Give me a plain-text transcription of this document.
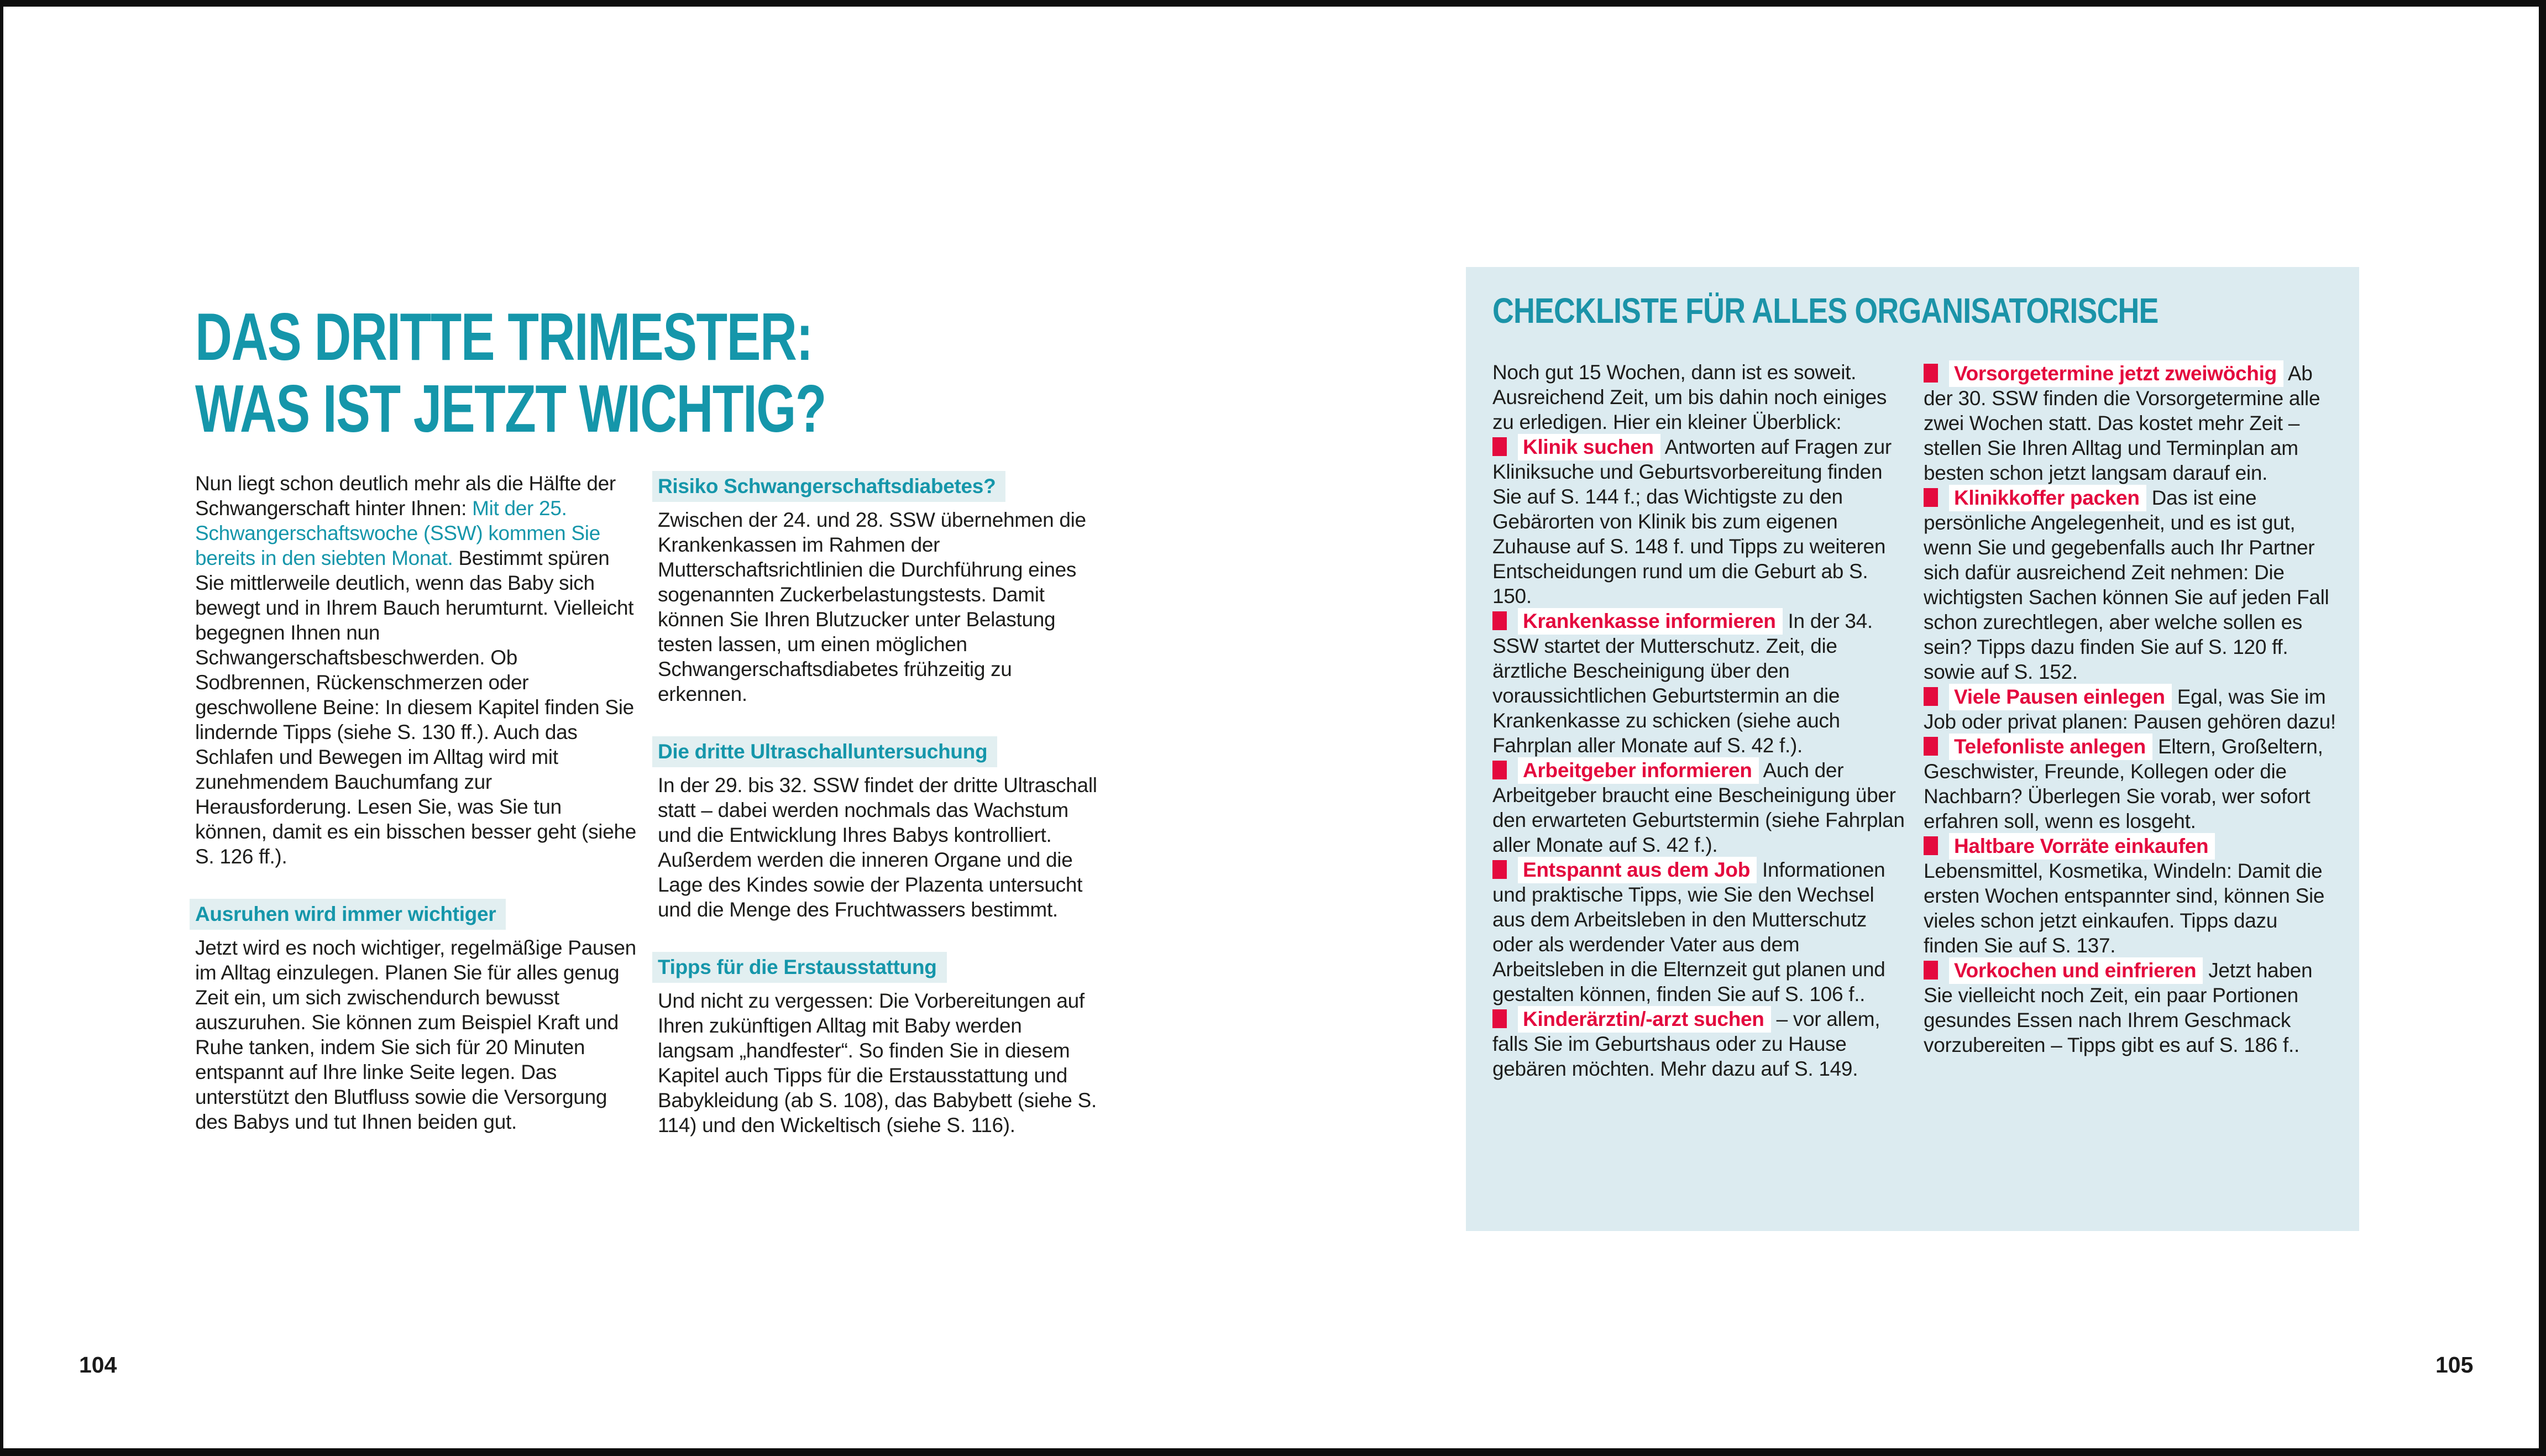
DAS DRITTE TRIMESTER:
WAS IST JETZT WICHTIG?

Nun liegt schon deutlich mehr als die Hälfte der Schwangerschaft hinter Ihnen: Mit der 25. Schwangerschaftswoche (SSW) kommen Sie bereits in den siebten Monat. Bestimmt spüren Sie mittlerweile deutlich, wenn das Baby sich bewegt und in Ihrem Bauch herumturnt. Vielleicht begegnen Ihnen nun Schwangerschaftsbeschwerden. Ob Sodbrennen, Rückenschmerzen oder geschwollene Beine: In diesem Kapitel finden Sie lindernde Tipps (siehe S. 130 ff.). Auch das Schlafen und Bewegen im Alltag wird mit zunehmendem Bauchumfang zur Herausforderung. Lesen Sie, was Sie tun können, damit es ein bisschen besser geht (siehe S. 126 ff.).

Ausruhen wird immer wichtiger

Jetzt wird es noch wichtiger, regelmäßige Pausen im Alltag einzulegen. Planen Sie für alles genug Zeit ein, um sich zwischendurch bewusst auszuruhen. Sie können zum Beispiel Kraft und Ruhe tanken, indem Sie sich für 20 Minuten entspannt auf Ihre linke Seite legen. Das unterstützt den Blutfluss sowie die Versorgung des Babys und tut Ihnen beiden gut.

Risiko Schwangerschaftsdiabetes?

Zwischen der 24. und 28. SSW übernehmen die Krankenkassen im Rahmen der Mutterschaftsrichtlinien die Durchführung eines sogenannten Zuckerbelastungstests. Damit können Sie Ihren Blutzucker unter Belastung testen lassen, um einen möglichen Schwangerschaftsdiabetes frühzeitig zu erkennen.

Die dritte Ultraschalluntersuchung

In der 29. bis 32. SSW findet der dritte Ultraschall statt – dabei werden nochmals das Wachstum und die Entwicklung Ihres Babys kontrolliert. Außerdem werden die inneren Organe und die Lage des Kindes sowie der Plazenta untersucht und die Menge des Fruchtwassers bestimmt.

Tipps für die Erstausstattung

Und nicht zu vergessen: Die Vorbereitungen auf Ihren zukünftigen Alltag mit Baby werden langsam „handfester“. So finden Sie in diesem Kapitel auch Tipps für die Erstausstattung und Babykleidung (ab S. 108), das Babybett (siehe S. 114) und den Wickeltisch (siehe S. 116).

104
CHECKLISTE FÜR ALLES ORGANISATORISCHE

Noch gut 15 Wochen, dann ist es soweit. Ausreichend Zeit, um bis dahin noch einiges zu erledigen. Hier ein kleiner Überblick:

Klinik suchen Antworten auf Fragen zur Kliniksuche und Geburtsvorbereitung finden Sie auf S. 144 f.; das Wichtigste zu den Gebärorten von Klinik bis zum eigenen Zuhause auf S. 148 f. und Tipps zu weiteren Entscheidungen rund um die Geburt ab S. 150.

Krankenkasse informieren In der 34. SSW startet der Mutterschutz. Zeit, die ärztliche Bescheinigung über den voraussichtlichen Geburtstermin an die Krankenkasse zu schicken (siehe auch Fahrplan aller Monate auf S. 42 f.).

Arbeitgeber informieren Auch der Arbeitgeber braucht eine Bescheinigung über den erwarteten Geburtstermin (siehe Fahrplan aller Monate auf S. 42 f.).

Entspannt aus dem Job Informationen und praktische Tipps, wie Sie den Wechsel aus dem Arbeitsleben in den Mutterschutz oder als werdender Vater aus dem Arbeitsleben in die Elternzeit gut planen und gestalten können, finden Sie auf S. 106 f..

Kinderärztin/-arzt suchen – vor allem, falls Sie im Geburtshaus oder zu Hause gebären möchten. Mehr dazu auf S. 149.

Vorsorgetermine jetzt zweiwöchig Ab der 30. SSW finden die Vorsorgetermine alle zwei Wochen statt. Das kostet mehr Zeit – stellen Sie Ihren Alltag und Terminplan am besten schon jetzt langsam darauf ein.

Klinikkoffer packen Das ist eine persönliche Angelegenheit, und es ist gut, wenn Sie und gegebenfalls auch Ihr Partner sich dafür ausreichend Zeit nehmen: Die wichtigsten Sachen können Sie auf jeden Fall schon zurechtlegen, aber welche sollen es sein? Tipps dazu finden Sie auf S. 120 ff. sowie auf S. 152.

Viele Pausen einlegen Egal, was Sie im Job oder privat planen: Pausen gehören dazu!

Telefonliste anlegen Eltern, Großeltern, Geschwister, Freunde, Kollegen oder die Nachbarn? Überlegen Sie vorab, wer sofort erfahren soll, wenn es losgeht.

Haltbare Vorräte einkaufen Lebensmittel, Kosmetika, Windeln: Damit die ersten Wochen entspannter sind, können Sie vieles schon jetzt einkaufen. Tipps dazu finden Sie auf S. 137.

Vorkochen und einfrieren Jetzt haben Sie vielleicht noch Zeit, ein paar Portionen gesundes Essen nach Ihrem Geschmack vorzubereiten – Tipps gibt es auf S. 186 f..

105
